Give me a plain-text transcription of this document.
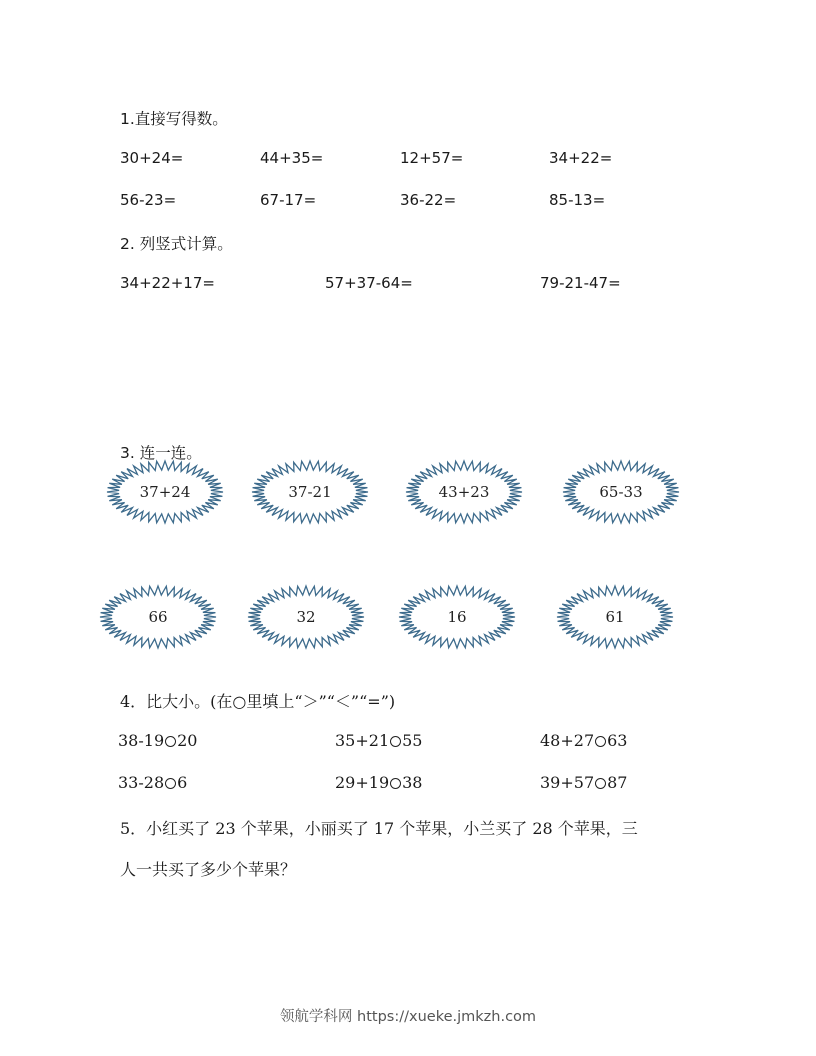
1.直接写得数。
30+24=	44+35=	12+57=	34+22=
56-23=	67-17=	36-22=	85-13=
2. 列竖式计算。
34+22+17=	57+37-64=	79-21-47=
3. 连一连。
37+24	37-21	43+23	65-33
66	32	16	61
4．比大小。(在○里填上“＞”“＜”“=”)
38-19 20	35+21 55	48+27 63
33-28 6	29+19 38	39+57 87
5．小红买了 23 个苹果，小丽买了 17 个苹果，小兰买了 28 个苹果，三
人一共买了多少个苹果？
领航学科网 https://xueke.jmkzh.com
